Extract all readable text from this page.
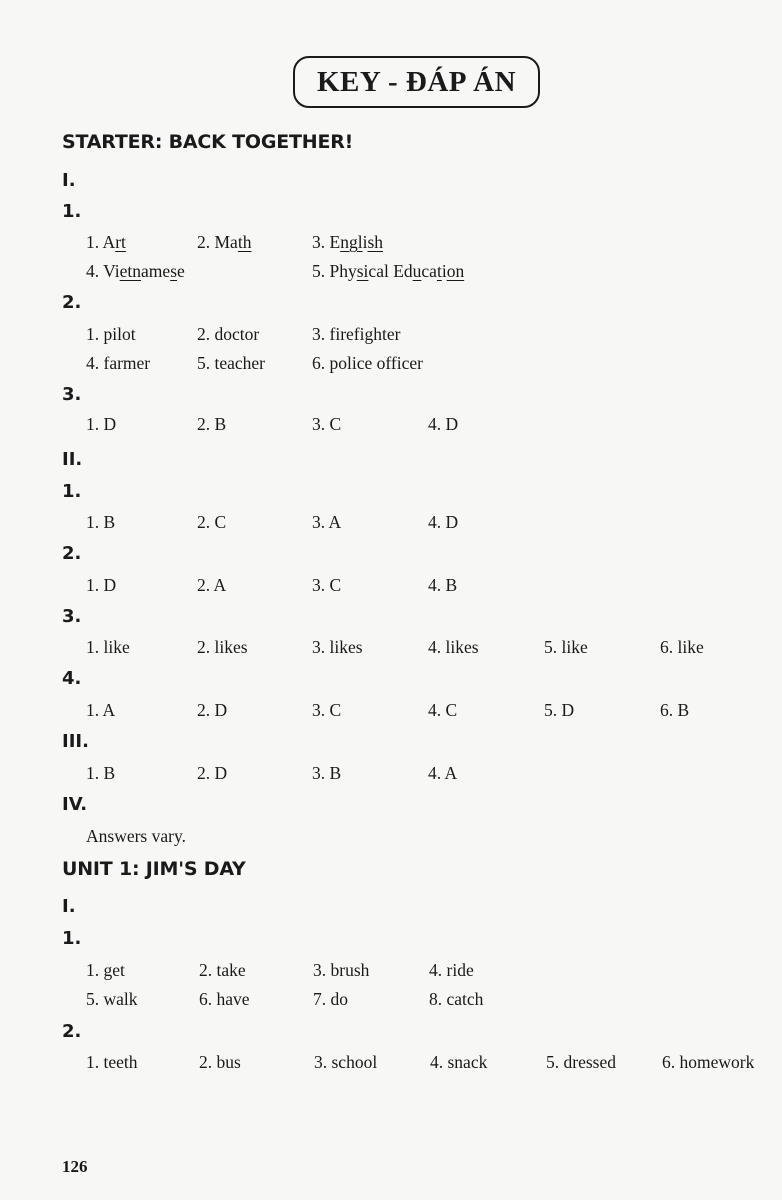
KEY - ĐÁP ÁN
STARTER: BACK TOGETHER!
I.
1.
1. Art	2. Math	3. English
4. Vietnamese	5. Physical Education
2.
1. pilot	2. doctor	3. firefighter
4. farmer	5. teacher	6. police officer
3.
1. D	2. B	3. C	4. D
II.
1.
1. B	2. C	3. A	4. D
2.
1. D	2. A	3. C	4. B
3.
1. like	2. likes	3. likes	4. likes	5. like	6. like
4.
1. A	2. D	3. C	4. C	5. D	6. B
III.
1. B	2. D	3. B	4. A
IV.
Answers vary.
UNIT 1: JIM'S DAY
I.
1.
1. get	2. take	3. brush	4. ride
5. walk	6. have	7. do	8. catch
2.
1. teeth	2. bus	3. school	4. snack	5. dressed	6. homework
126
